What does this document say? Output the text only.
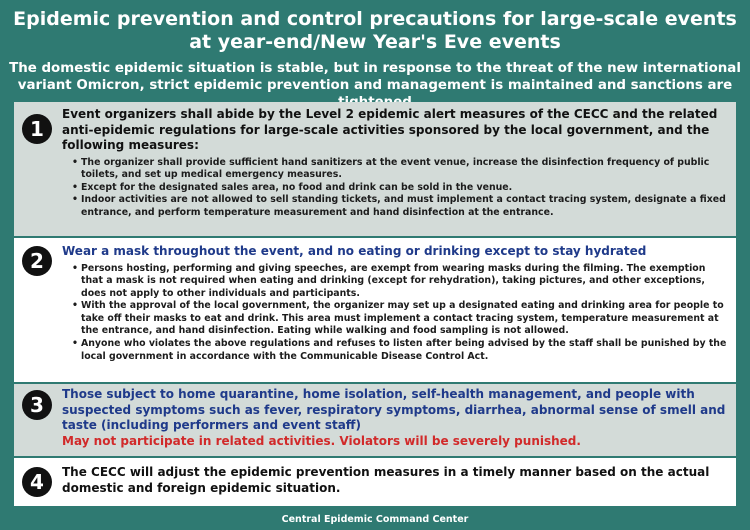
Epidemic prevention and control precautions for large-scale events at year-end/New Year's Eve events
The domestic epidemic situation is stable, but in response to the threat of the new international variant Omicron, strict epidemic prevention and management is maintained and sanctions are
1

Event organizers shall abide by the Level 2 epidemic alert measures of the CECC and the related anti-epidemic regulations for large-scale activities sponsored by the local government, and the following measures:

• The organizer shall provide sufficient hand sanitizers at the event venue, increase the disinfection frequency of public toilets, and set up medical emergency measures.
• Except for the designated sales area, no food and drink can be sold in the venue.
• Indoor activities are not allowed to sell standing tickets, and must implement a contact tracing system, designate a fixed entrance, and perform temperature measurement and hand disinfection at the entrance.
2	Wear a mask throughout the event, and no eating or drinking except to stay hydrated

• Persons hosting, performing and giving speeches, are exempt from wearing masks during the filming. The exemption that a mask is not required when eating and drinking (except for rehydration), taking pictures, and other exceptions, does not apply to other individuals and participants.
• With the approval of the local government, the organizer may set up a designated eating and drinking area for people to take off their masks to eat and drink. This area must implement a contact tracing system, temperature measurement at the entrance, and hand disinfection. Eating while walking and food sampling is not allowed.
• Anyone who violates the above regulations and refuses to listen after being advised by the staff shall be punished by the local government in accordance with the Communicable Disease Control Act.
3	Those subject to home quarantine, home isolation, self-health management, and people with suspected symptoms such as fever, respiratory symptoms, diarrhea, abnormal sense of smell and taste (including performers and event staff)

May not participate in related activities. Violators will be severely punished.
4	The CECC will adjust the epidemic prevention measures in a timely manner based on the actual domestic and foreign epidemic situation.

Central Epidemic Command Center
